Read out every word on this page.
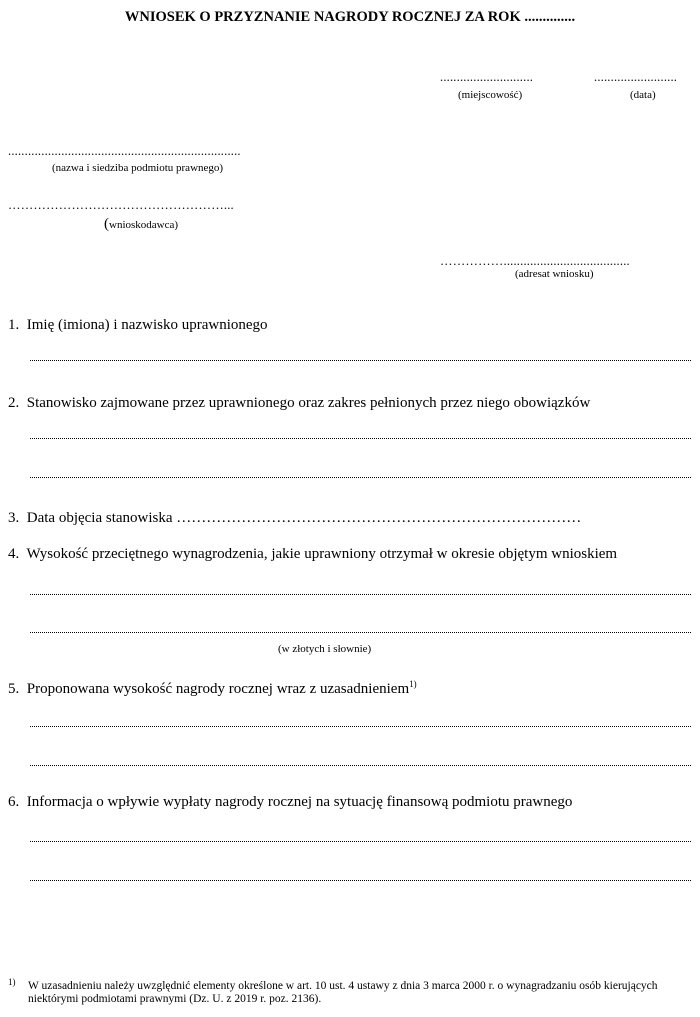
WNIOSEK O PRZYZNANIE NAGRODY ROCZNEJ ZA ROK ..............
............................
(miejscowość)
.........................
(data)
......................................................................
(nazwa i siedziba podmiotu prawnego)
……………………………………………...
(wnioskodawca)
……………......................................
(adresat wniosku)
1. Imię (imiona) i nazwisko uprawnionego
2. Stanowisko zajmowane przez uprawnionego oraz zakres pełnionych przez niego obowiązków
3. Data objęcia stanowiska ………………………………………………………………………
4. Wysokość przeciętnego wynagrodzenia, jakie uprawniony otrzymał w okresie objętym wnioskiem
(w złotych i słownie)
5. Proponowana wysokość nagrody rocznej wraz z uzasadnieniem$^{1)}$
6. Informacja o wpływie wypłaty nagrody rocznej na sytuację finansową podmiotu prawnego
1) W uzasadnieniu należy uwzględnić elementy określone w art. 10 ust. 4 ustawy z dnia 3 marca 2000 r. o wynagradzaniu osób kierujących niektórymi podmiotami prawnymi (Dz. U. z 2019 r. poz. 2136).
